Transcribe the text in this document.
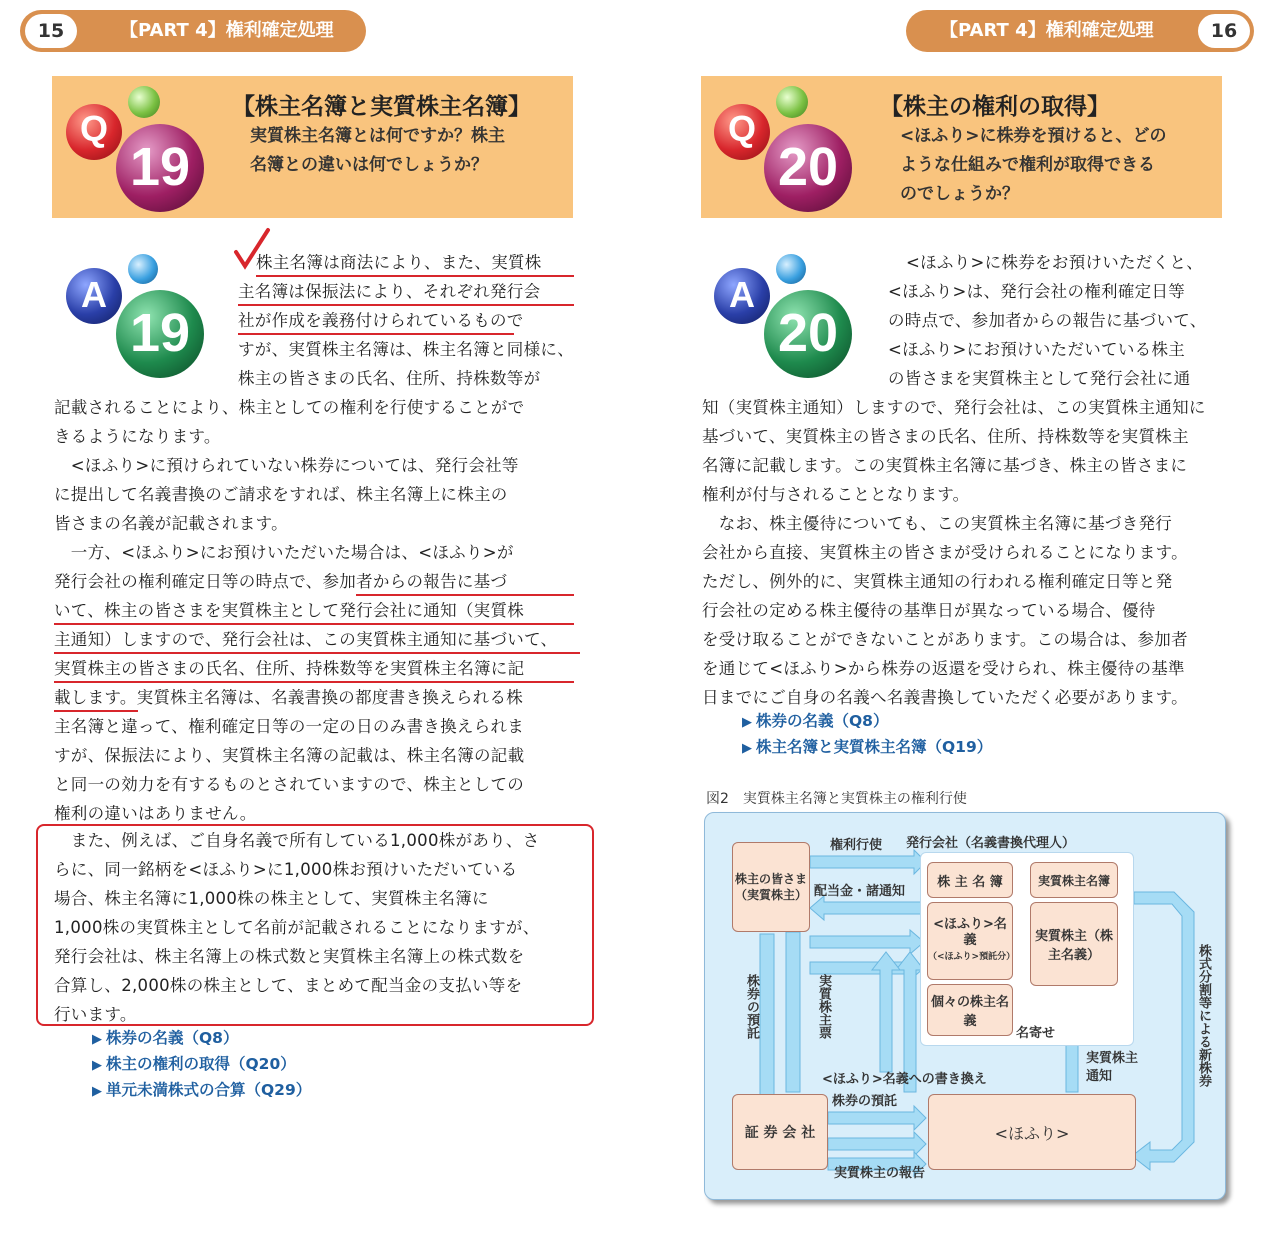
15	【PART 4】権利確定処理	【PART 4】権利確定処理	16
Q
19
【株主名簿と実質株主名簿】
実質株主名簿とは何ですか？株主
名簿との違いは何でしょうか？
A
19
株主名簿は商法により、また、実質株
主名簿は保振法により、それぞれ発行会
社が作成を義務付けられているもので
すが、実質株主名簿は、株主名簿と同様に、
株主の皆さまの氏名、住所、持株数等が
記載されることにより、株主としての権利を行使することがで
きるようになります。
　<ほふり>に預けられていない株券については、発行会社等
に提出して名義書換のご請求をすれば、株主名簿上に株主の
皆さまの名義が記載されます。
　一方、<ほふり>にお預けいただいた場合は、<ほふり>が
発行会社の権利確定日等の時点で、参加者からの報告に基づ
いて、株主の皆さまを実質株主として発行会社に通知（実質株
主通知）しますので、発行会社は、この実質株主通知に基づいて、
実質株主の皆さまの氏名、住所、持株数等を実質株主名簿に記
載します。実質株主名簿は、名義書換の都度書き換えられる株
主名簿と違って、権利確定日等の一定の日のみ書き換えられま
すが、保振法により、実質株主名簿の記載は、株主名簿の記載
と同一の効力を有するものとされていますので、株主としての
権利の違いはありません。
　また、例えば、ご自身名義で所有している1,000株があり、さ
らに、同一銘柄を<ほふり>に1,000株お預けいただいている
場合、株主名簿に1,000株の株主として、実質株主名簿に
1,000株の実質株主として名前が記載されることになりますが、
発行会社は、株主名簿上の株式数と実質株主名簿上の株式数を
合算し、2,000株の株主として、まとめて配当金の支払い等を
行います。
▶ 株券の名義（Q8）
▶ 株主の権利の取得（Q20）
▶ 単元未満株式の合算（Q29）
Q
20
【株主の権利の取得】
<ほふり>に株券を預けると、どの
ような仕組みで権利が取得できる
のでしょうか？
A
20
<ほふり>に株券をお預けいただくと、
<ほふり>は、発行会社の権利確定日等
の時点で、参加者からの報告に基づいて、
<ほふり>にお預けいただいている株主
の皆さまを実質株主として発行会社に通
知（実質株主通知）しますので、発行会社は、この実質株主通知に
基づいて、実質株主の皆さまの氏名、住所、持株数等を実質株主
名簿に記載します。この実質株主名簿に基づき、株主の皆さまに
権利が付与されることとなります。
　なお、株主優待についても、この実質株主名簿に基づき発行
会社から直接、実質株主の皆さまが受けられることになります。
ただし、例外的に、実質株主通知の行われる権利確定日等と発
行会社の定める株主優待の基準日が異なっている場合、優待
を受け取ることができないことがあります。この場合は、参加者
を通じて<ほふり>から株券の返還を受けられ、株主優待の基準
日までにご自身の名義へ名義書換していただく必要があります。
▶ 株券の名義（Q8）
▶ 株主名簿と実質株主名簿（Q19）
図2　実質株主名簿と実質株主の権利行使
発行会社（名義書換代理人）
権利行使
配当金・諸通知
株主の皆さま（実質株主）
株 主 名 簿	実質株主名簿
<ほふり>名義
（<ほふり>預託分）
実質株主（株主名義）
個々の株主名義
名寄せ
株券の預託	実質株主票	株式分割等による新株券
<ほふり>名義への書き換え
実質株主通知
株券の預託
証 券 会 社	<ほふり>
実質株主の報告
